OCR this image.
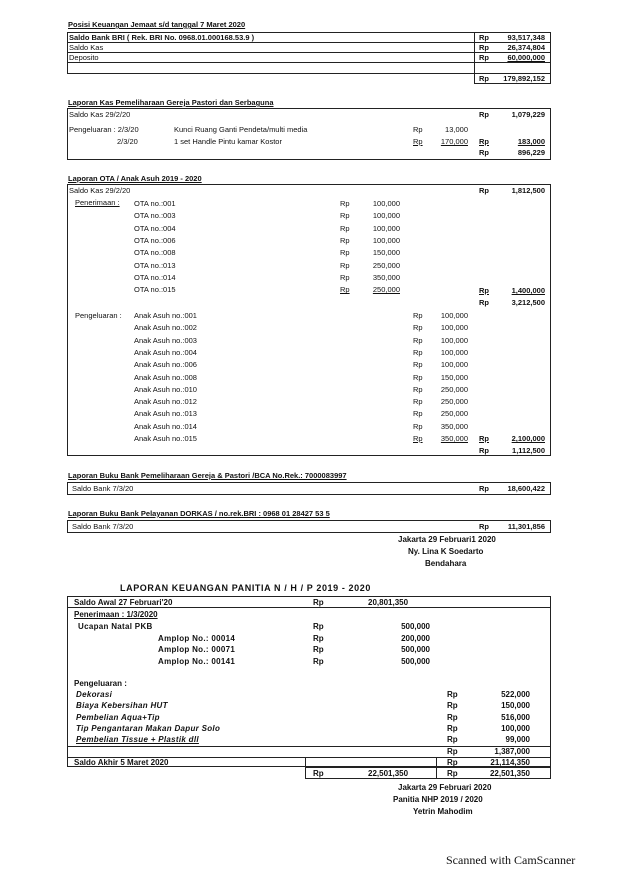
Posisi Keuangan Jemaat s/d tanggal 7 Maret 2020
Saldo Bank BRI ( Rek. BRI No. 0968.01.000168.53.9 )	Rp	93,517,348
Saldo Kas	Rp	26,374,804
Deposito	Rp	60,000,000
Rp	179,892,152
Laporan Kas Pemeliharaan Gereja Pastori dan Serbaguna
Saldo Kas 29/2/20	Rp	1,079,229
Pengeluaran : 2/3/20	Kunci Ruang Ganti Pendeta/multi media	Rp	13,000
2/3/20	1 set Handle Pintu kamar Kostor	Rp	170,000 Rp	183,000
Rp	896,229
Laporan OTA / Anak Asuh 2019 - 2020
Saldo Kas 29/2/20	Rp	1,812,500
Penerimaan : OTA no.:001	Rp	100,000
OTA no.:003	Rp	100,000
OTA no.:004	Rp	100,000
OTA no.:006	Rp	100,000
OTA no.:008	Rp	150,000
OTA no.:013	Rp	250,000
OTA no.:014	Rp	350,000
OTA no.:015	Rp	250,000	Rp	1,400,000
Rp	3,212,500
Pengeluaran : Anak Asuh no.:001	Rp	100,000
Anak Asuh no.:002	Rp	100,000
Anak Asuh no.:003	Rp	100,000
Anak Asuh no.:004	Rp	100,000
Anak Asuh no.:006	Rp	100,000
Anak Asuh no.:008	Rp	150,000
Anak Asuh no.:010	Rp	250,000
Anak Asuh no.:012	Rp	250,000
Anak Asuh no.:013	Rp	250,000
Anak Asuh no.:014	Rp	350,000
Anak Asuh no.:015	Rp	350,000 Rp	2,100,000
Rp	1,112,500
Laporan Buku Bank Pemeliharaan Gereja & Pastori /BCA No.Rek.: 7000083997
Saldo Bank 7/3/20	Rp	18,600,422
Laporan Buku Bank Pelayanan DORKAS / no.rek.BRI : 0968 01 28427 53 5
Saldo Bank 7/3/20	Rp	11,301,856
Jakarta 29 Februari1 2020
Ny. Lina K Soedarto
Bendahara
LAPORAN KEUANGAN PANITIA N / H / P 2019 - 2020
Saldo Awal 27 Februari'20	Rp	20,801,350
Penerimaan : 1/3/2020
Ucapan Natal PKB	Rp	500,000
Amplop No.: 00014	Rp	200,000
Amplop No.: 00071	Rp	500,000
Amplop No.: 00141	Rp	500,000
Pengeluaran :
Dekorasi	Rp	522,000
Biaya Kebersihan HUT	Rp	150,000
Pembelian Aqua+Tip	Rp	516,000
Tip Pengantaran Makan Dapur Solo	Rp	100,000
Pembelian Tissue + Plastik dll	Rp	99,000
Rp	1,387,000
Saldo Akhir 5 Maret 2020	Rp	21,114,350
Rp	22,501,350	Rp	22,501,350
Jakarta 29 Februari 2020
Panitia NHP 2019 / 2020
Yetrin Mahodim
Scanned with CamScanner
